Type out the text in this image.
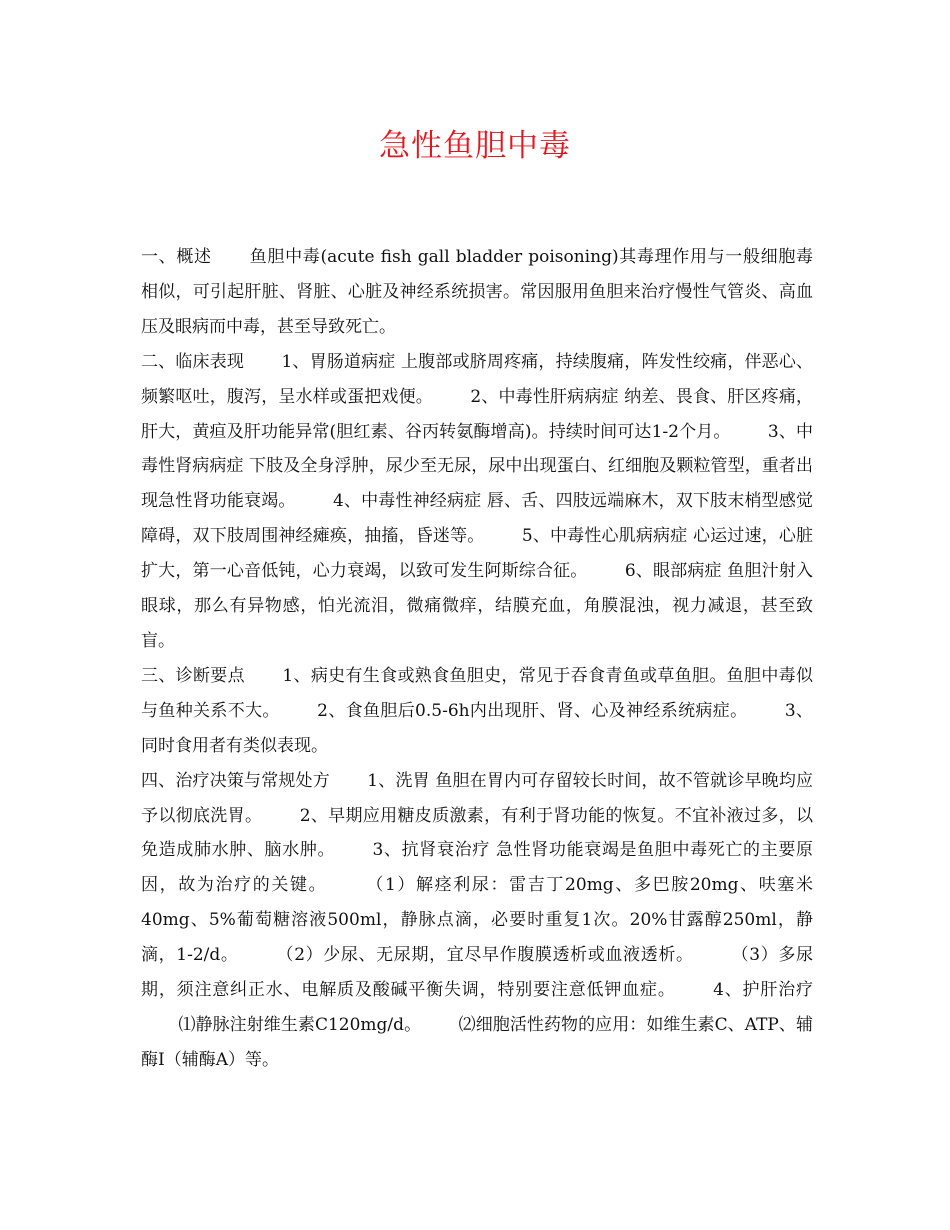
急性鱼胆中毒

一、概述 鱼胆中毒(acute fish gall bladder poisoning)其毒理作用与一般细胞毒相似，可引起肝脏、肾脏、心脏及神经系统损害。常因服用鱼胆来治疗慢性气管炎、高血压及眼病而中毒，甚至导致死亡。

二、临床表现 1、胃肠道病症 上腹部或脐周疼痛，持续腹痛，阵发性绞痛，伴恶心、频繁呕吐，腹泻，呈水样或蛋把戏便。 2、中毒性肝病病症 纳差、畏食、肝区疼痛，肝大，黄疸及肝功能异常(胆红素、谷丙转氨酶增高)。持续时间可达1-2个月。 3、中毒性肾病病症 下肢及全身浮肿，尿少至无尿，尿中出现蛋白、红细胞及颗粒管型，重者出现急性肾功能衰竭。 4、中毒性神经病症 唇、舌、四肢远端麻木，双下肢末梢型感觉障碍，双下肢周围神经瘫痪，抽搐，昏迷等。 5、中毒性心肌病病症 心运过速，心脏扩大，第一心音低钝，心力衰竭，以致可发生阿斯综合征。 6、眼部病症 鱼胆汁射入眼球，那么有异物感，怕光流泪，微痛微痒，结膜充血，角膜混浊，视力减退，甚至致盲。

三、诊断要点 1、病史有生食或熟食鱼胆史，常见于吞食青鱼或草鱼胆。鱼胆中毒似与鱼种关系不大。 2、食鱼胆后0.5-6h内出现肝、肾、心及神经系统病症。 3、同时食用者有类似表现。

四、治疗决策与常规处方 1、洗胃 鱼胆在胃内可存留较长时间，故不管就诊早晚均应予以彻底洗胃。 2、早期应用糖皮质激素，有利于肾功能的恢复。不宜补液过多，以免造成肺水肿、脑水肿。 3、抗肾衰治疗 急性肾功能衰竭是鱼胆中毒死亡的主要原因，故为治疗的关键。 （1）解痉利尿：雷吉丁20mg、多巴胺20mg、呋塞米40mg、5%葡萄糖溶液500ml，静脉点滴，必要时重复1次。20%甘露醇250ml，静滴，1-2/d。 （2）少尿、无尿期，宜尽早作腹膜透析或血液透析。 （3）多尿期，须注意纠正水、电解质及酸碱平衡失调，特别要注意低钾血症。 4、护肝治疗⑴静脉注射维生素C120mg/d。 ⑵细胞活性药物的应用：如维生素C、ATP、辅酶I（辅酶A）等。
